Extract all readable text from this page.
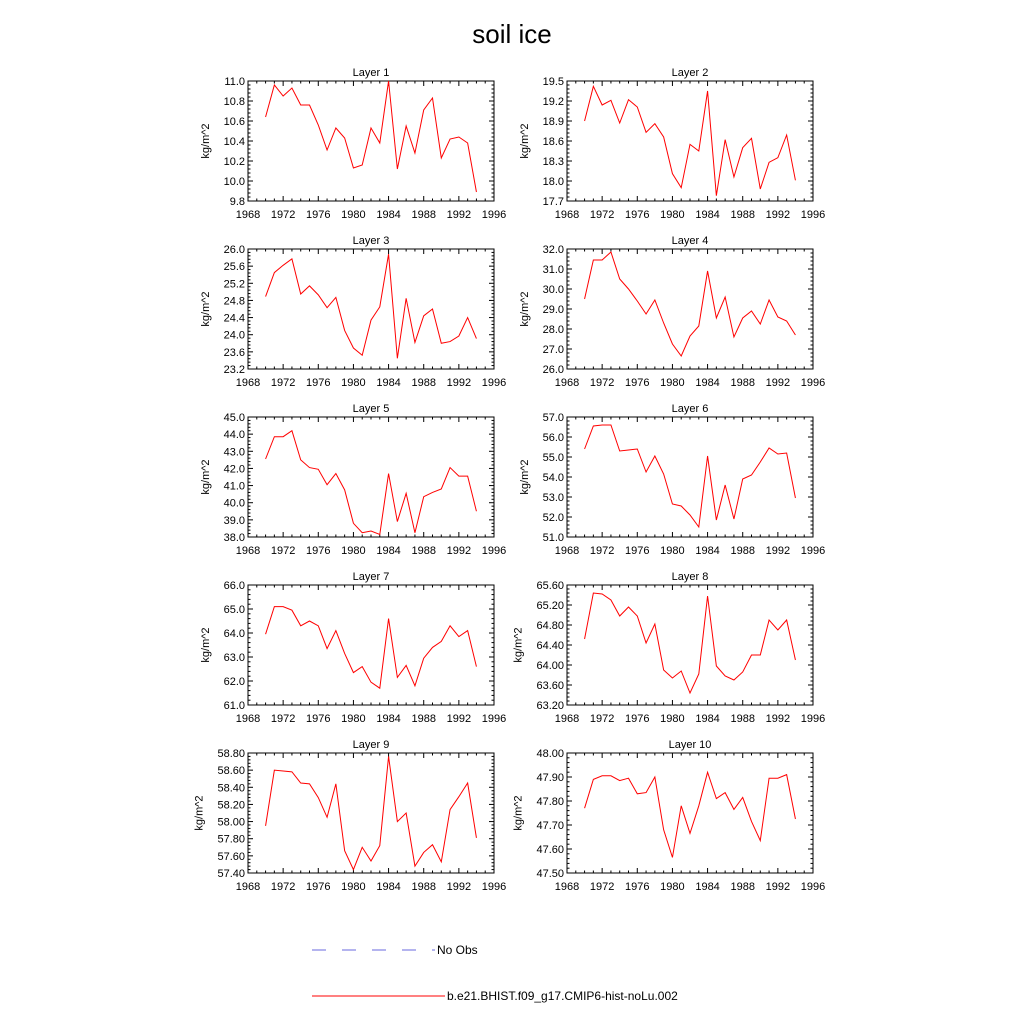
soil ice
Layer 1
1968 1972 1976 1980 1984 1988 1992 1996
9.8
10.0
10.2
10.4
10.6
10.8
11.0
kg/m^2
Layer 2
1968 1972 1976 1980 1984 1988 1992 1996
17.7
18.0
18.3
18.6
18.9
19.2
19.5
kg/m^2
Layer 3
1968 1972 1976 1980 1984 1988 1992 1996
23.2
23.6
24.0
24.4
24.8
25.2
25.6
26.0
kg/m^2
Layer 4
1968 1972 1976 1980 1984 1988 1992 1996
26.0
27.0
28.0
29.0
30.0
31.0
32.0
kg/m^2
Layer 5
1968 1972 1976 1980 1984 1988 1992 1996
38.0
39.0
40.0
41.0
42.0
43.0
44.0
45.0
kg/m^2
Layer 6
1968 1972 1976 1980 1984 1988 1992 1996
51.0
52.0
53.0
54.0
55.0
56.0
57.0
kg/m^2
Layer 7
1968 1972 1976 1980 1984 1988 1992 1996
61.0
62.0
63.0
64.0
65.0
66.0
kg/m^2
Layer 8
1968 1972 1976 1980 1984 1988 1992 1996
63.20
63.60
64.00
64.40
64.80
65.20
65.60
kg/m^2
Layer 9
1968 1972 1976 1980 1984 1988 1992 1996
57.40
57.60
57.80
58.00
58.20
58.40
58.60
58.80
kg/m^2
Layer 10
1968 1972 1976 1980 1984 1988 1992 1996
47.50
47.60
47.70
47.80
47.90
48.00
kg/m^2
No Obs
b.e21.BHIST.f09_g17.CMIP6-hist-noLu.002
